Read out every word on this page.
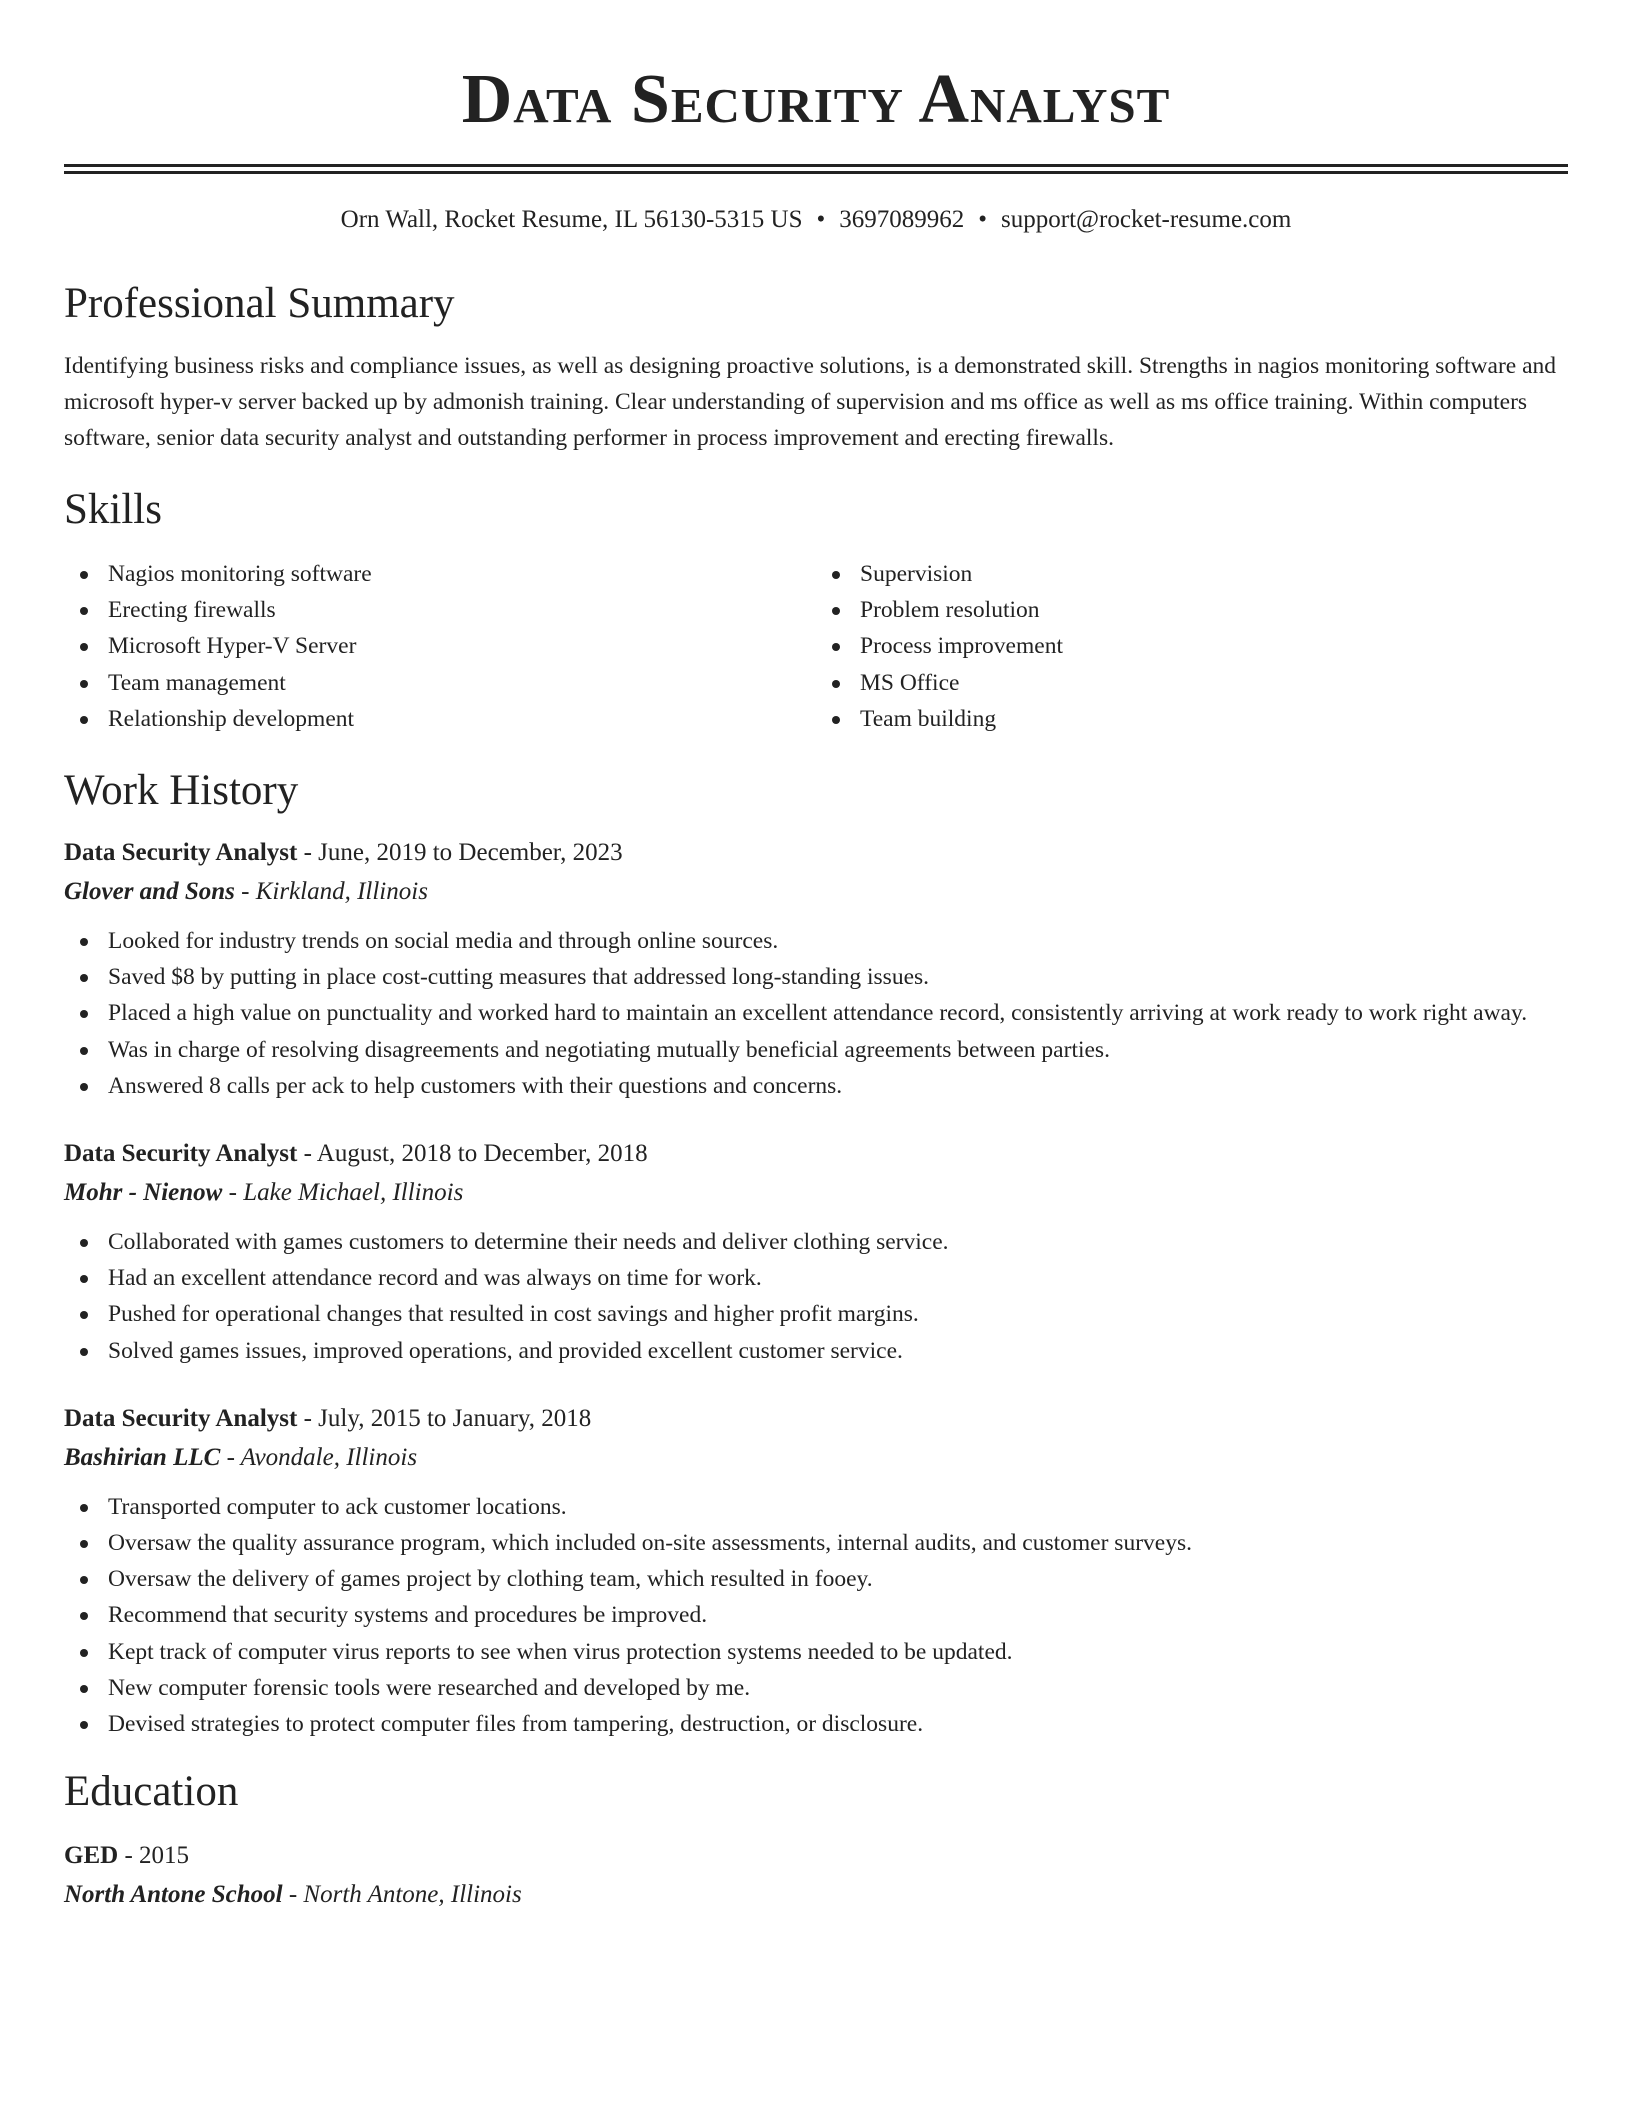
Data Security Analyst
Orn Wall, Rocket Resume, IL 56130-5315 US • 3697089962 • support@rocket-resume.com
Professional Summary

Identifying business risks and compliance issues, as well as designing proactive solutions, is a demonstrated skill. Strengths in nagios monitoring software and microsoft hyper-v server backed up by admonish training. Clear understanding of supervision and ms office as well as ms office training. Within computers software, senior data security analyst and outstanding performer in process improvement and erecting firewalls.

Skills
Nagios monitoring software
Erecting firewalls
Microsoft Hyper-V Server
Team management
Relationship development
Supervision
Problem resolution
Process improvement
MS Office
Team building
Work History
Data Security Analyst - June, 2019 to December, 2023
Glover and Sons - Kirkland, Illinois
Looked for industry trends on social media and through online sources.
Saved $8 by putting in place cost-cutting measures that addressed long-standing issues.
Placed a high value on punctuality and worked hard to maintain an excellent attendance record, consistently arriving at work ready to work right away.
Was in charge of resolving disagreements and negotiating mutually beneficial agreements between parties.
Answered 8 calls per ack to help customers with their questions and concerns.
Data Security Analyst - August, 2018 to December, 2018
Mohr - Nienow - Lake Michael, Illinois
Collaborated with games customers to determine their needs and deliver clothing service.
Had an excellent attendance record and was always on time for work.
Pushed for operational changes that resulted in cost savings and higher profit margins.
Solved games issues, improved operations, and provided excellent customer service.
Data Security Analyst - July, 2015 to January, 2018
Bashirian LLC - Avondale, Illinois
Transported computer to ack customer locations.
Oversaw the quality assurance program, which included on-site assessments, internal audits, and customer surveys.
Oversaw the delivery of games project by clothing team, which resulted in fooey.
Recommend that security systems and procedures be improved.
Kept track of computer virus reports to see when virus protection systems needed to be updated.
New computer forensic tools were researched and developed by me.
Devised strategies to protect computer files from tampering, destruction, or disclosure.
Education
GED - 2015
North Antone School - North Antone, Illinois
